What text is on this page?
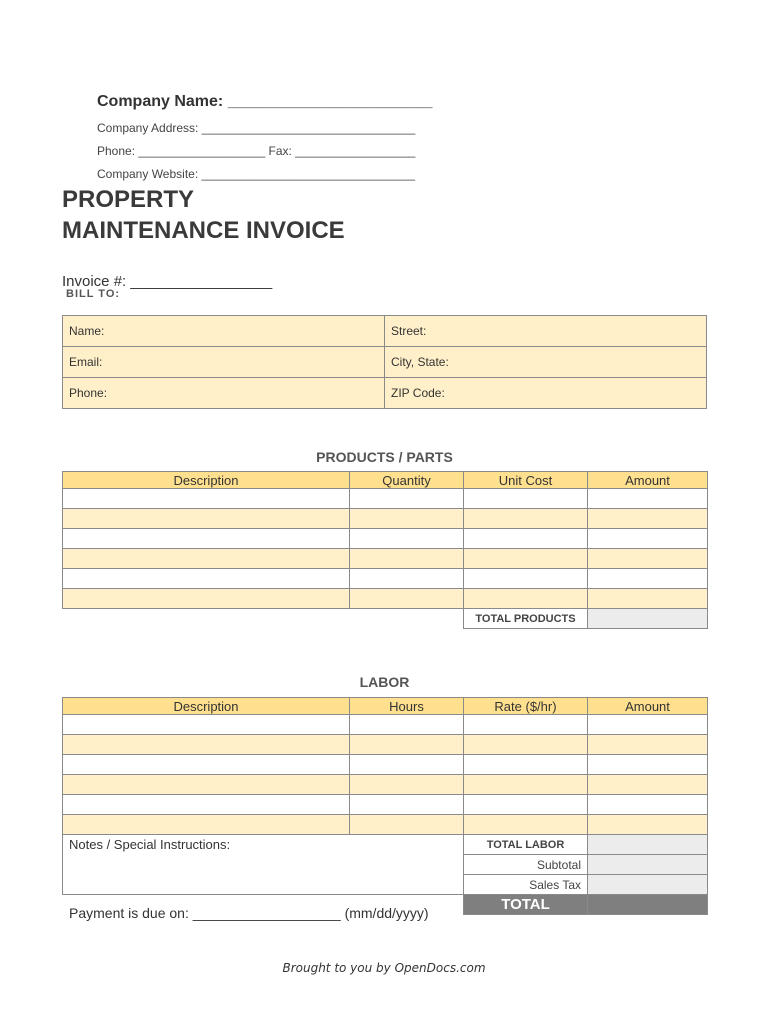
Company Name: _______________________
Company Address: ________________________________
Phone: ___________________ Fax: __________________
Company Website: ________________________________
PROPERTY
MAINTENANCE INVOICE
Invoice #: _________________
BILL TO:
Name:	Street:
Email:	City, State:
Phone:	ZIP Code:
PRODUCTS / PARTS
Description	Quantity	Unit Cost	Amount

		TOTAL PRODUCTS	
LABOR
Description	Hours	Rate ($/hr)	Amount

Notes / Special Instructions:		TOTAL LABOR	
		Subtotal	
		Sales Tax	
		TOTAL	
Payment is due on: ___________________ (mm/dd/yyyy)
Brought to you by OpenDocs.com
